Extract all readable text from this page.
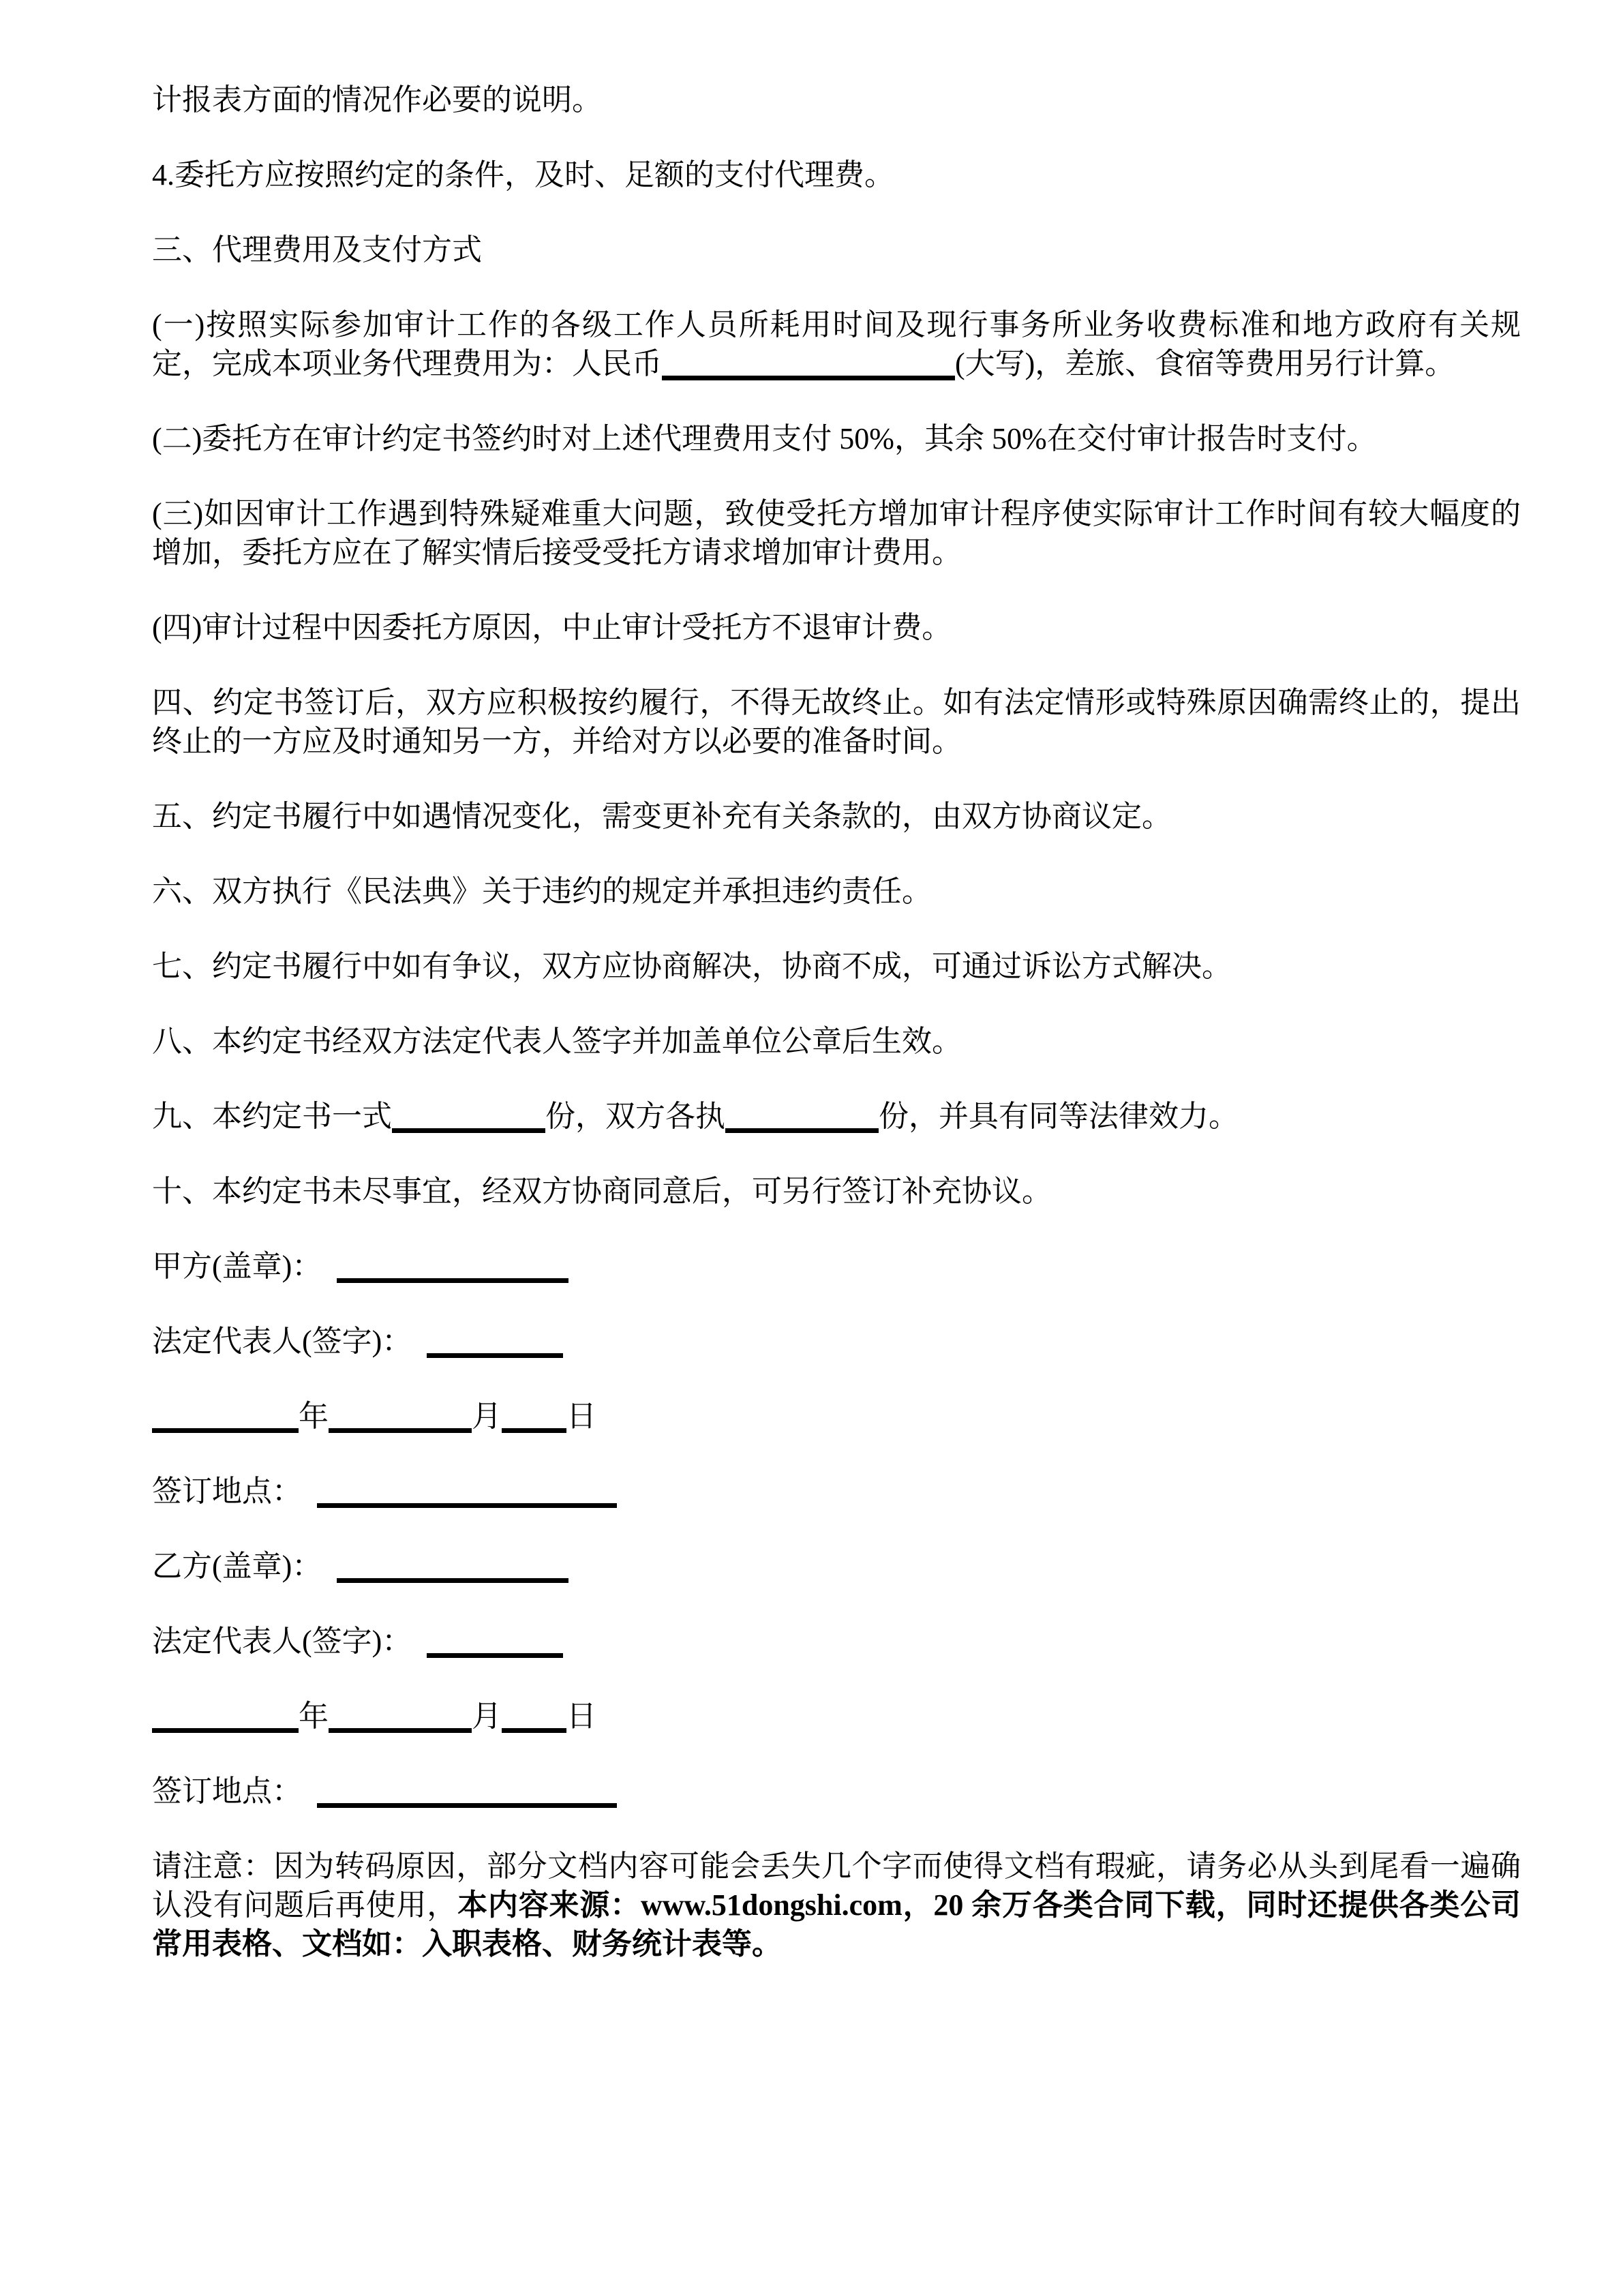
计报表方面的情况作必要的说明。

4.委托方应按照约定的条件，及时、足额的支付代理费。

三、代理费用及支付方式

(一)按照实际参加审计工作的各级工作人员所耗用时间及现行事务所业务收费标准和地方政府有关规定，完成本项业务代理费用为：人民币	(大写)，差旅、食宿等费用另行计算。

(二)委托方在审计约定书签约时对上述代理费用支付 50%，其余 50%在交付审计报告时支付。

(三)如因审计工作遇到特殊疑难重大问题，致使受托方增加审计程序使实际审计工作时间有较大幅度的增加，委托方应在了解实情后接受受托方请求增加审计费用。

(四)审计过程中因委托方原因，中止审计受托方不退审计费。

四、约定书签订后，双方应积极按约履行，不得无故终止。如有法定情形或特殊原因确需终止的，提出终止的一方应及时通知另一方，并给对方以必要的准备时间。

五、约定书履行中如遇情况变化，需变更补充有关条款的，由双方协商议定。

六、双方执行《民法典》关于违约的规定并承担违约责任。

七、约定书履行中如有争议，双方应协商解决，协商不成，可通过诉讼方式解决。

八、本约定书经双方法定代表人签字并加盖单位公章后生效。

九、本约定书一式	份，双方各执	份，并具有同等法律效力。

十、本约定书未尽事宜，经双方协商同意后，可另行签订补充协议。

甲方(盖章)：

法定代表人(签字)：

年	月 日

签订地点：

乙方(盖章)：

法定代表人(签字)：

年	月 日

签订地点：

请注意：因为转码原因，部分文档内容可能会丢失几个字而使得文档有瑕疵，请务必从头到尾看一遍确认没有问题后再使用，本内容来源：www.51dongshi.com，20 余万各类合同下载，同时还提供各类公司常用表格、文档如：入职表格、财务统计表等。
